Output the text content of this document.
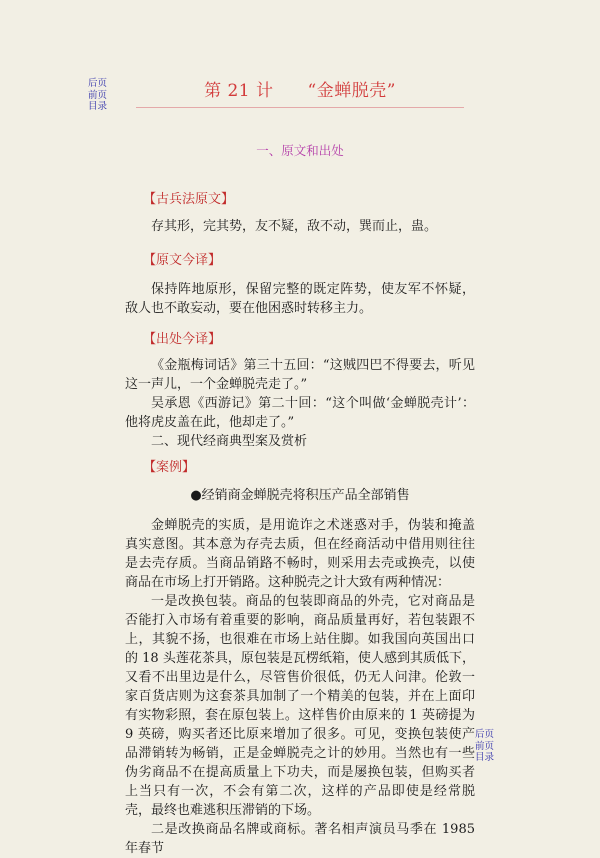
后页
前页
目录
第 21 计 “金蝉脱壳”
一、原文和出处
【古兵法原文】

存其形，完其势，友不疑，敌不动，巽而止，蛊。

【原文今译】

保持阵地原形，保留完整的既定阵势，使友军不怀疑，敌人也不敢妄动，要在他困惑时转移主力。

【出处今译】

《金瓶梅词话》第三十五回：“这贼四巴不得要去，听见这一声儿，一个金蝉脱壳走了。”

吴承恩《西游记》第二十回：“这个叫做‘金蝉脱壳计’：他将虎皮盖在此，他却走了。”

二、现代经商典型案及赏析

【案例】
●经销商金蝉脱壳将积压产品全部销售

金蝉脱壳的实质，是用诡诈之术迷惑对手，伪装和掩盖真实意图。其本意为存壳去质，但在经商活动中借用则往往是去壳存质。当商品销路不畅时，则采用去壳或换壳，以使商品在市场上打开销路。这种脱壳之计大致有两种情况：

一是改换包装。商品的包装即商品的外壳，它对商品是否能打入市场有着重要的影响，商品质量再好，若包装跟不上，其貌不扬，也很难在市场上站住脚。如我国向英国出口的 18 头莲花茶具，原包装是瓦楞纸箱，使人感到其质低下，又看不出里边是什么，尽管售价很低，仍无人问津。伦敦一家百货店则为这套茶具加制了一个精美的包装，并在上面印有实物彩照，套在原包装上。这样售价由原来的 1 英磅提为 9 英磅，购买者还比原来增加了很多。可见，变换包装使产品滞销转为畅销，正是金蝉脱壳之计的妙用。当然也有一些伪劣商品不在提高质量上下功夫，而是屡换包装，但购买者上当只有一次，不会有第二次，这样的产品即使是经常脱壳，最终也难逃积压滞销的下场。

二是改换商品名牌或商标。著名相声演员马季在 1985 年春节

后页
前页
目录
